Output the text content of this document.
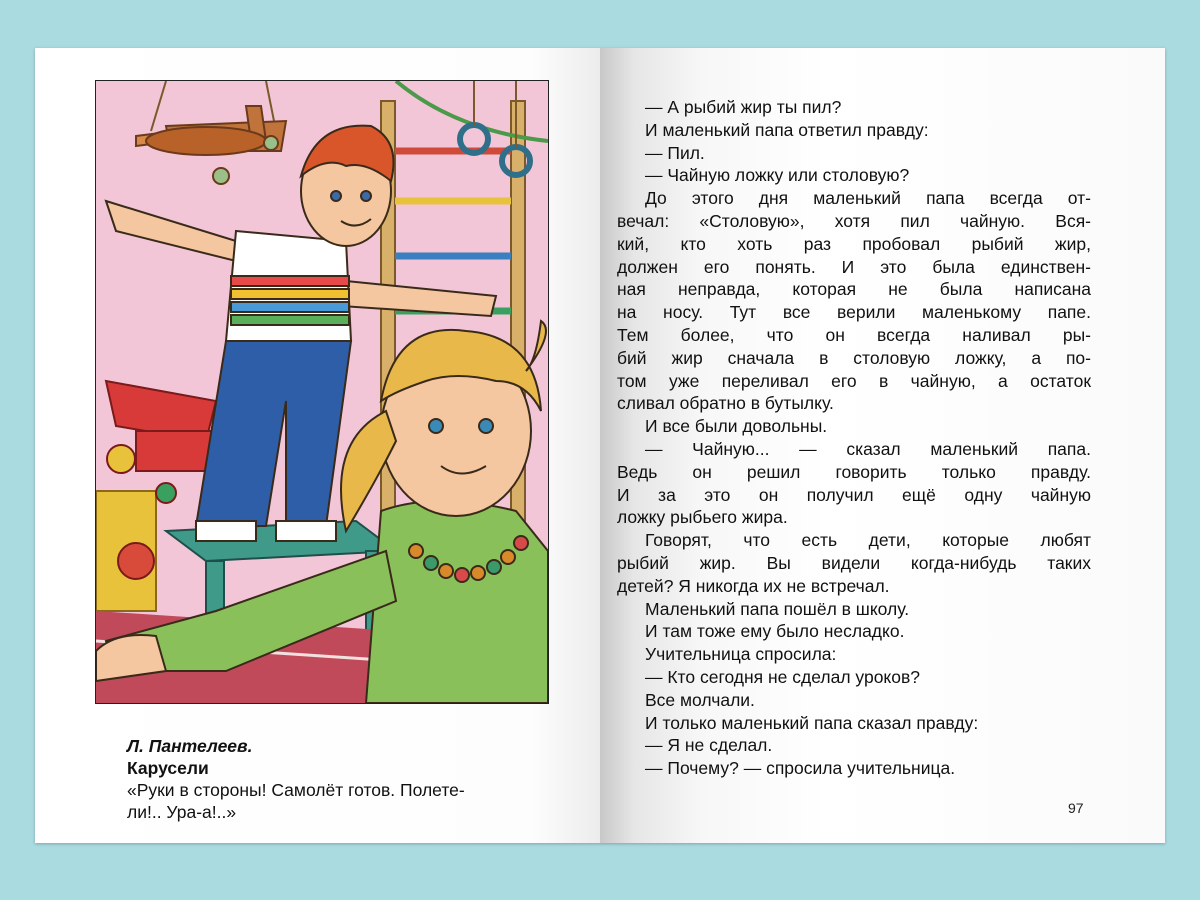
Л. Пантелеев.
Карусели
«Руки в стороны! Самолёт готов. Полете-
ли!.. Ура-а!..»

— А рыбий жир ты пил?

И маленький папа ответил правду:

— Пил.

— Чайную ложку или столовую?

До этого дня маленький папа всегда от-

вечал: «Столовую», хотя пил чайную. Вся-

кий, кто хоть раз пробовал рыбий жир,

должен его понять. И это была единствен-

ная неправда, которая не была написана

на носу. Тут все верили маленькому папе.

Тем более, что он всегда наливал ры-

бий жир сначала в столовую ложку, а по-

том уже переливал его в чайную, а остаток

сливал обратно в бутылку.

И все были довольны.

— Чайную... — сказал маленький папа.

Ведь он решил говорить только правду.

И за это он получил ещё одну чайную

ложку рыбьего жира.

Говорят, что есть дети, которые любят

рыбий жир. Вы видели когда-нибудь таких

детей? Я никогда их не встречал.

Маленький папа пошёл в школу.

И там тоже ему было несладко.

Учительница спросила:

— Кто сегодня не сделал уроков?

Все молчали.

И только маленький папа сказал правду:

— Я не сделал.

— Почему? — спросила учительница.

97
